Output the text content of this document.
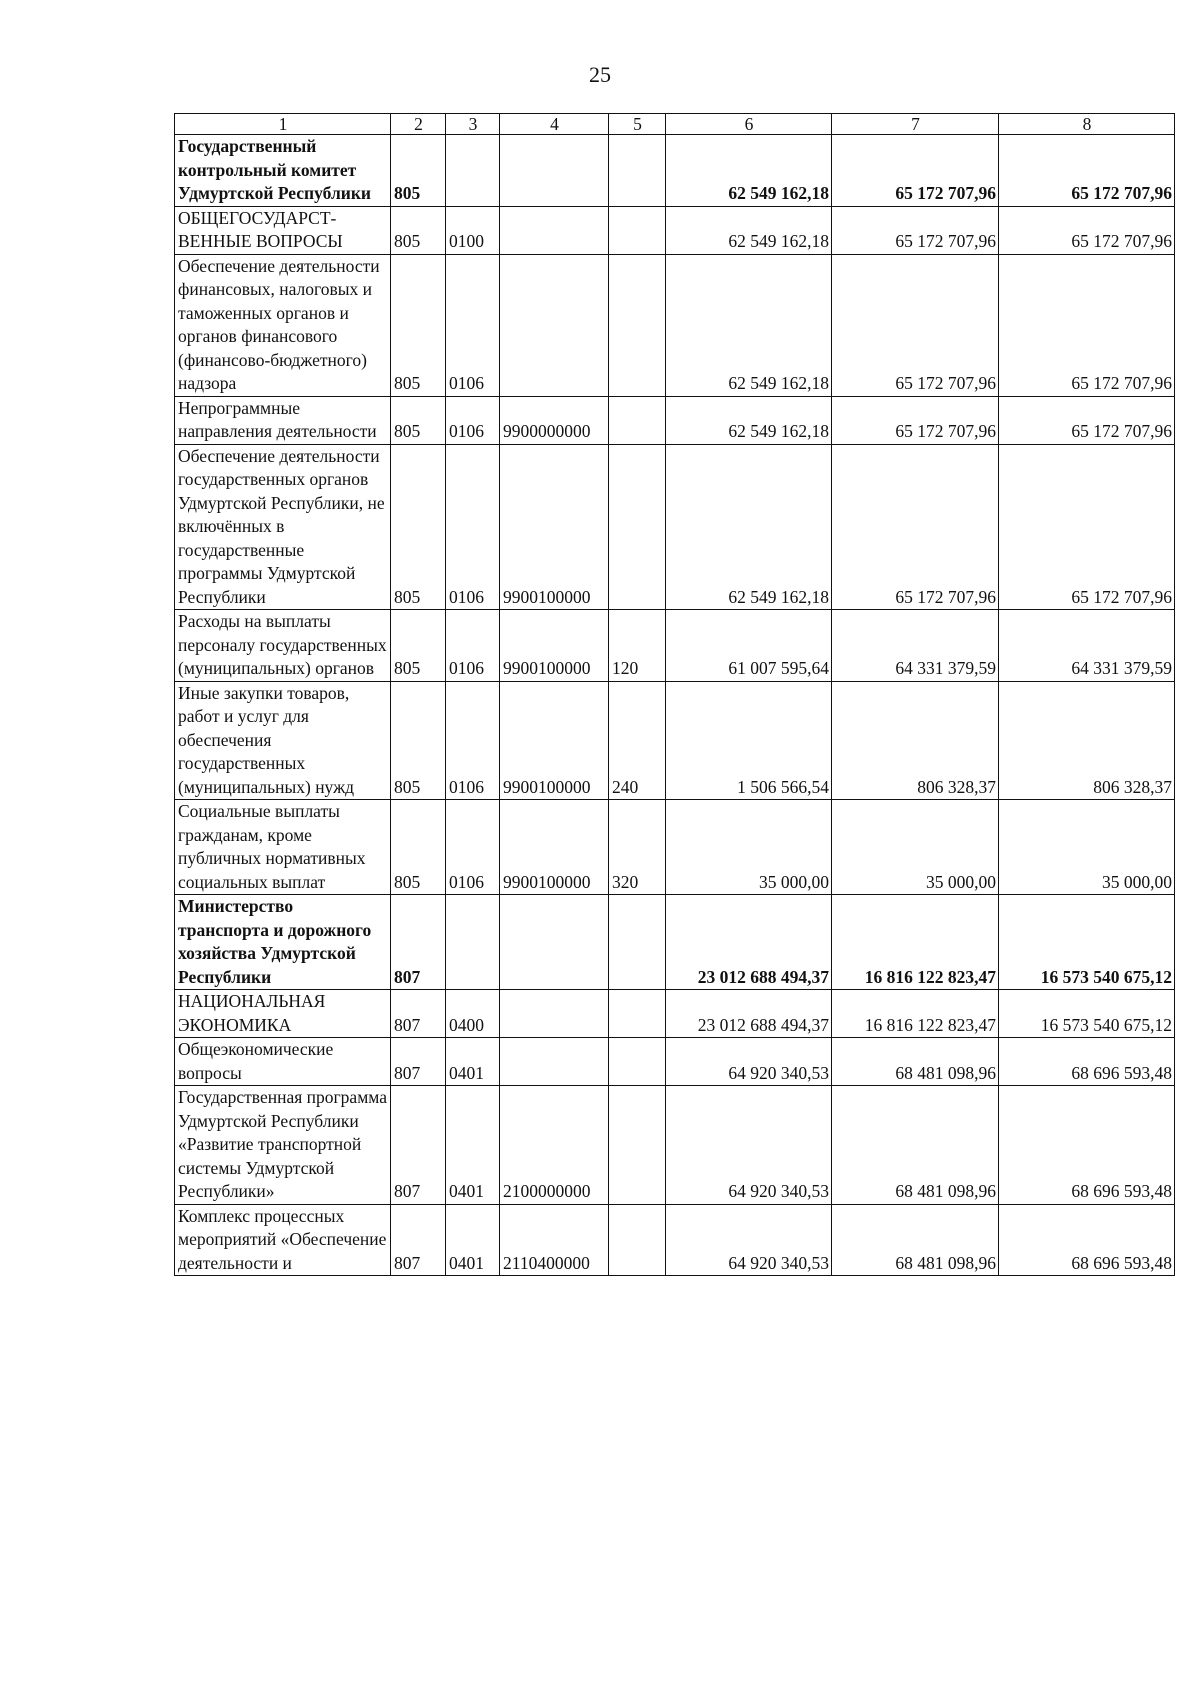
25
1	2	3	4	5	6	7	8
Государственный контрольный комитет Удмуртской Республики	805				62 549 162,18	65 172 707,96	65 172 707,96
ОБЩЕГОСУДАРСТ-ВЕННЫЕ ВОПРОСЫ	805	0100			62 549 162,18	65 172 707,96	65 172 707,96
Обеспечение деятельности финансовых, налоговых и таможенных органов и органов финансового (финансово-бюджетного) надзора	805	0106			62 549 162,18	65 172 707,96	65 172 707,96
Непрограммные направления деятельности	805	0106	9900000000		62 549 162,18	65 172 707,96	65 172 707,96
Обеспечение деятельности государственных органов Удмуртской Республики, не включённых в государственные программы Удмуртской Республики	805	0106	9900100000		62 549 162,18	65 172 707,96	65 172 707,96
Расходы на выплаты персоналу государственных (муниципальных) органов	805	0106	9900100000	120	61 007 595,64	64 331 379,59	64 331 379,59
Иные закупки товаров, работ и услуг для обеспечения государственных (муниципальных) нужд	805	0106	9900100000	240	1 506 566,54	806 328,37	806 328,37
Социальные выплаты гражданам, кроме публичных нормативных социальных выплат	805	0106	9900100000	320	35 000,00	35 000,00	35 000,00
Министерство транспорта и дорожного хозяйства Удмуртской Республики	807				23 012 688 494,37	16 816 122 823,47	16 573 540 675,12
НАЦИОНАЛЬНАЯ ЭКОНОМИКА	807	0400			23 012 688 494,37	16 816 122 823,47	16 573 540 675,12
Общеэкономические вопросы	807	0401			64 920 340,53	68 481 098,96	68 696 593,48
Государственная программа Удмуртской Республики «Развитие транспортной системы Удмуртской Республики»	807	0401	2100000000		64 920 340,53	68 481 098,96	68 696 593,48
Комплекс процессных мероприятий «Обеспечение деятельности и	807	0401	2110400000		64 920 340,53	68 481 098,96	68 696 593,48
